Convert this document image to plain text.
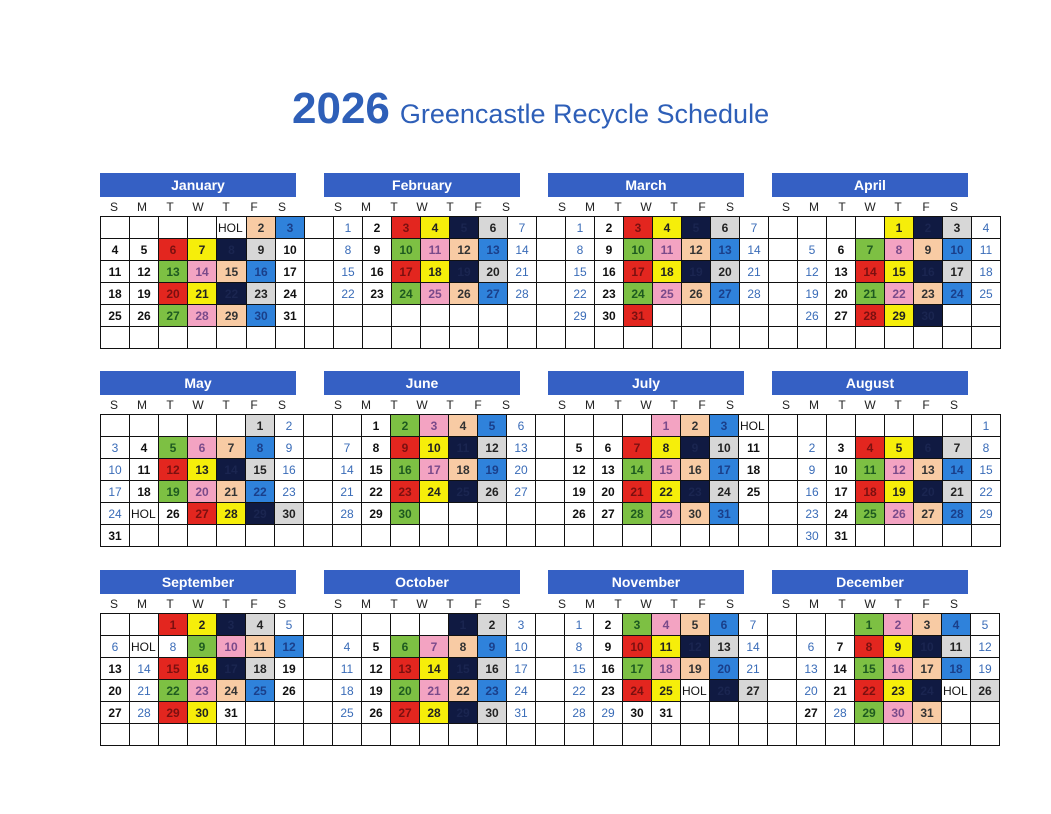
2026 Greencastle Recycle Schedule
January
S	M	T	W	T	F	S
February
S	M	T	W	T	F	S
March
S	M	T	W	T	F	S
April
S	M	T	W	T	F	S
				HOL	2	3		1	2	3	4	5	6	7		1	2	3	4	5	6	7					1	2	3	4
4	5	6	7	8	9	10		8	9	10	11	12	13	14		8	9	10	11	12	13	14		5	6	7	8	9	10	11
11	12	13	14	15	16	17		15	16	17	18	19	20	21		15	16	17	18	19	20	21		12	13	14	15	16	17	18
18	19	20	21	22	23	24		22	23	24	25	26	27	28		22	23	24	25	26	27	28		19	20	21	22	23	24	25
25	26	27	28	29	30	31										29	30	31						26	27	28	29	30		

May
S	M	T	W	T	F	S
June
S	M	T	W	T	F	S
July
S	M	T	W	T	F	S
August
S	M	T	W	T	F	S
					1	2			1	2	3	4	5	6					1	2	3	HOL								1
3	4	5	6	7	8	9		7	8	9	10	11	12	13		5	6	7	8	9	10	11		2	3	4	5	6	7	8
10	11	12	13	14	15	16		14	15	16	17	18	19	20		12	13	14	15	16	17	18		9	10	11	12	13	14	15
17	18	19	20	21	22	23		21	22	23	24	25	26	27		19	20	21	22	23	24	25		16	17	18	19	20	21	22
24	HOL	26	27	28	29	30		28	29	30						26	27	28	29	30	31			23	24	25	26	27	28	29
31																								30	31					
September
S	M	T	W	T	F	S
October
S	M	T	W	T	F	S
November
S	M	T	W	T	F	S
December
S	M	T	W	T	F	S
		1	2	3	4	5						1	2	3		1	2	3	4	5	6	7				1	2	3	4	5
6	HOL	8	9	10	11	12		4	5	6	7	8	9	10		8	9	10	11	12	13	14		6	7	8	9	10	11	12
13	14	15	16	17	18	19		11	12	13	14	15	16	17		15	16	17	18	19	20	21		13	14	15	16	17	18	19
20	21	22	23	24	25	26		18	19	20	21	22	23	24		22	23	24	25	HOL	26	27		20	21	22	23	24	HOL	26
27	28	29	30	31				25	26	27	28	29	30	31		28	29	30	31					27	28	29	30	31		
